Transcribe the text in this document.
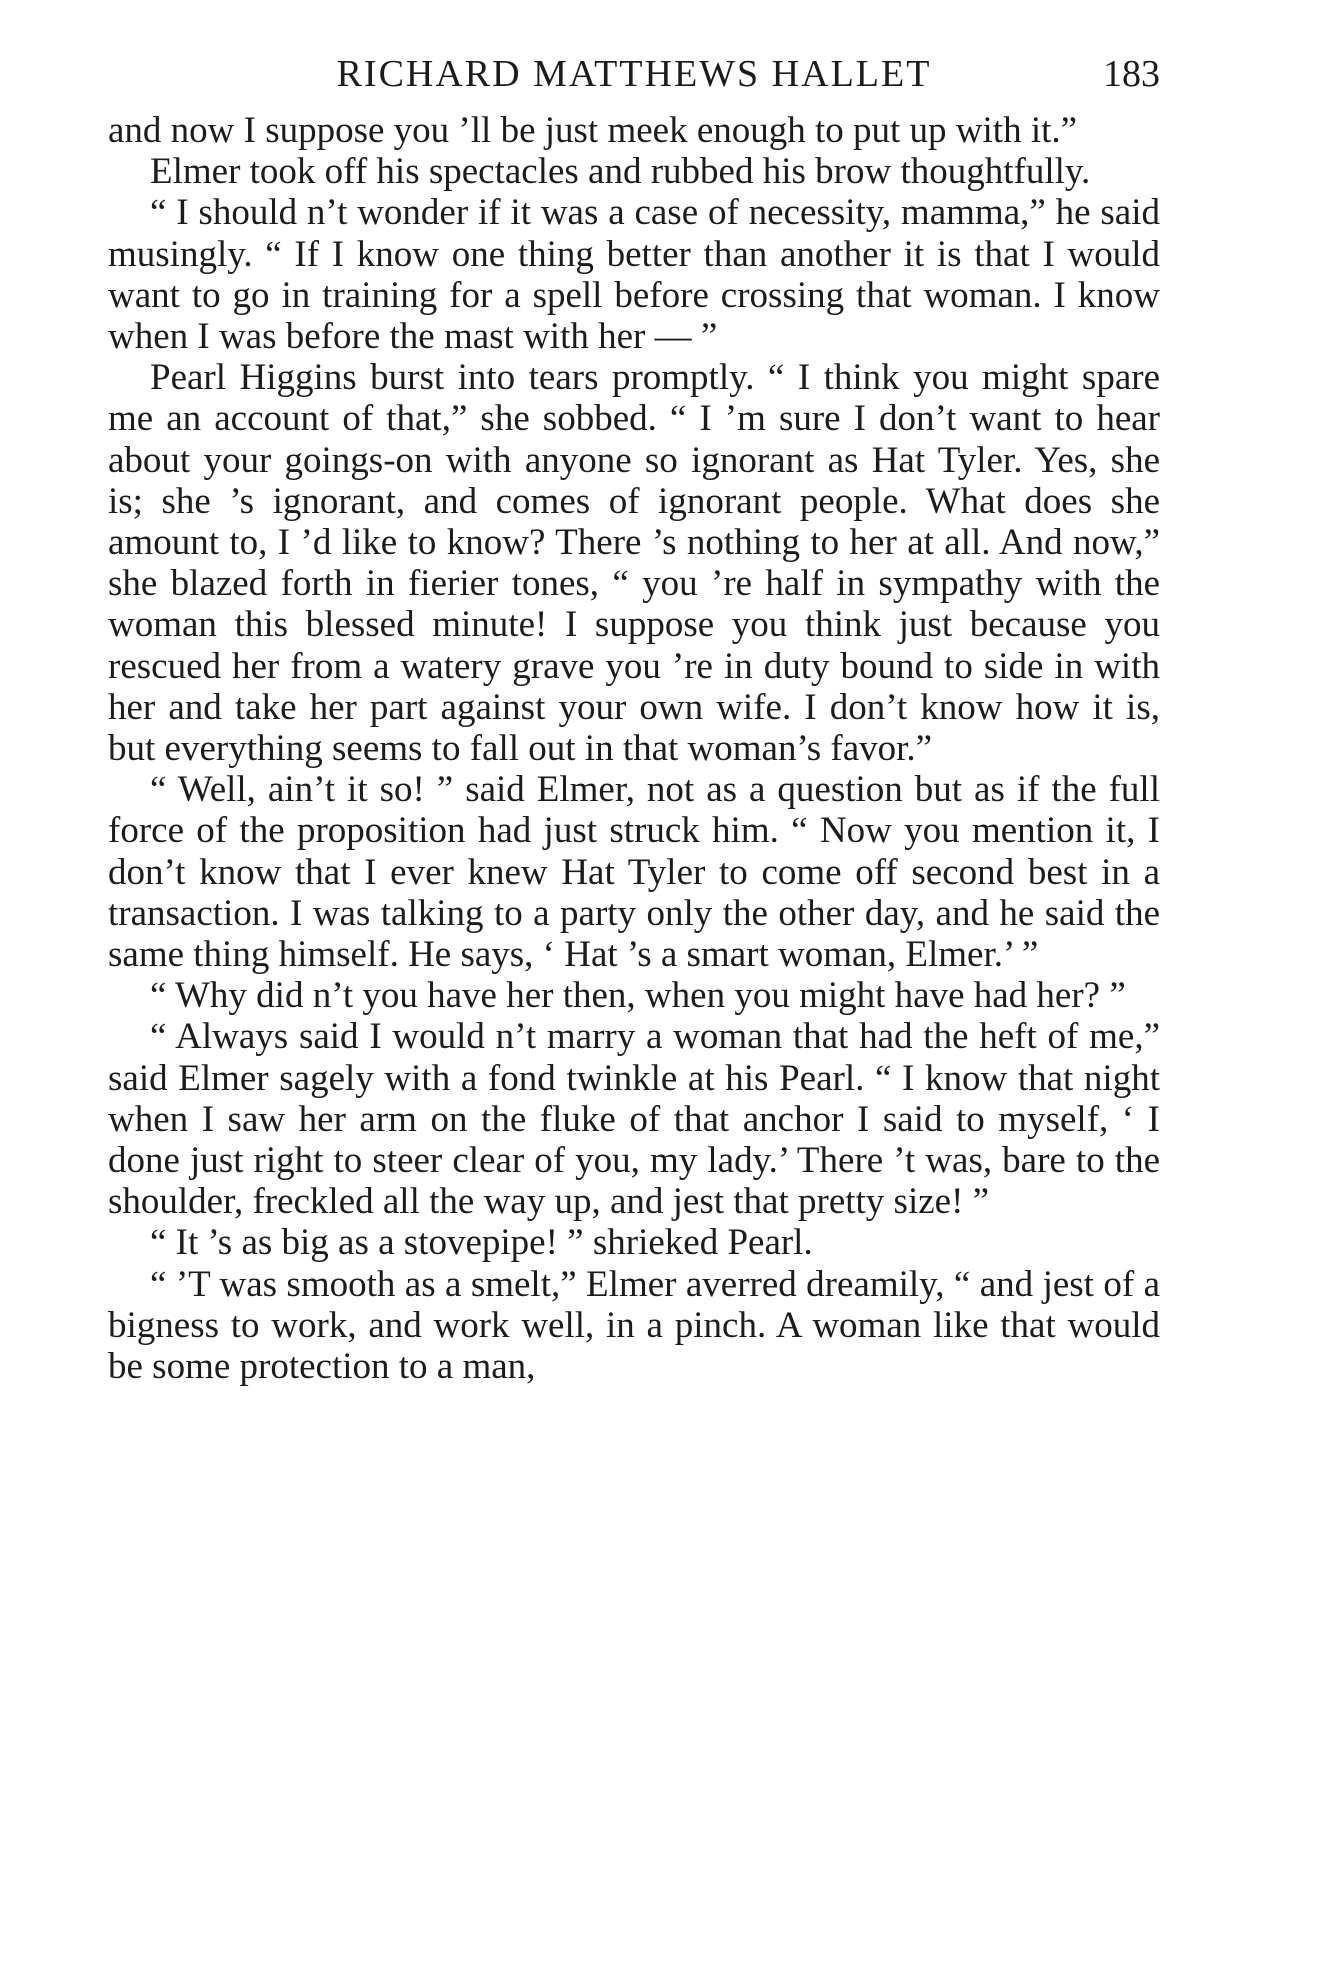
RICHARD MATTHEWS HALLET	183

and now I suppose you ’ll be just meek enough to put up with it.”

Elmer took off his spectacles and rubbed his brow thoughtfully.

“ I should n’t wonder if it was a case of necessity, mamma,” he said musingly. “ If I know one thing better than another it is that I would want to go in training for a spell before crossing that woman. I know when I was before the mast with her — ”

Pearl Higgins burst into tears promptly. “ I think you might spare me an account of that,” she sobbed. “ I ’m sure I don’t want to hear about your goings-on with anyone so ignorant as Hat Tyler. Yes, she is; she ’s ignorant, and comes of ignorant people. What does she amount to, I ’d like to know? There ’s nothing to her at all. And now,” she blazed forth in fierier tones, “ you ’re half in sympathy with the woman this blessed minute! I suppose you think just because you rescued her from a watery grave you ’re in duty bound to side in with her and take her part against your own wife. I don’t know how it is, but everything seems to fall out in that woman’s favor.”

“ Well, ain’t it so! ” said Elmer, not as a question but as if the full force of the proposition had just struck him. “ Now you mention it, I don’t know that I ever knew Hat Tyler to come off second best in a transaction. I was talking to a party only the other day, and he said the same thing himself. He says, ‘ Hat ’s a smart woman, Elmer.’ ”

“ Why did n’t you have her then, when you might have had her? ”

“ Always said I would n’t marry a woman that had the heft of me,” said Elmer sagely with a fond twinkle at his Pearl. “ I know that night when I saw her arm on the fluke of that anchor I said to myself, ‘ I done just right to steer clear of you, my lady.’ There ’t was, bare to the shoulder, freckled all the way up, and jest that pretty size! ”

“ It ’s as big as a stovepipe! ” shrieked Pearl.

“ ’T was smooth as a smelt,” Elmer averred dreamily, “ and jest of a bigness to work, and work well, in a pinch. A woman like that would be some protection to a man,
